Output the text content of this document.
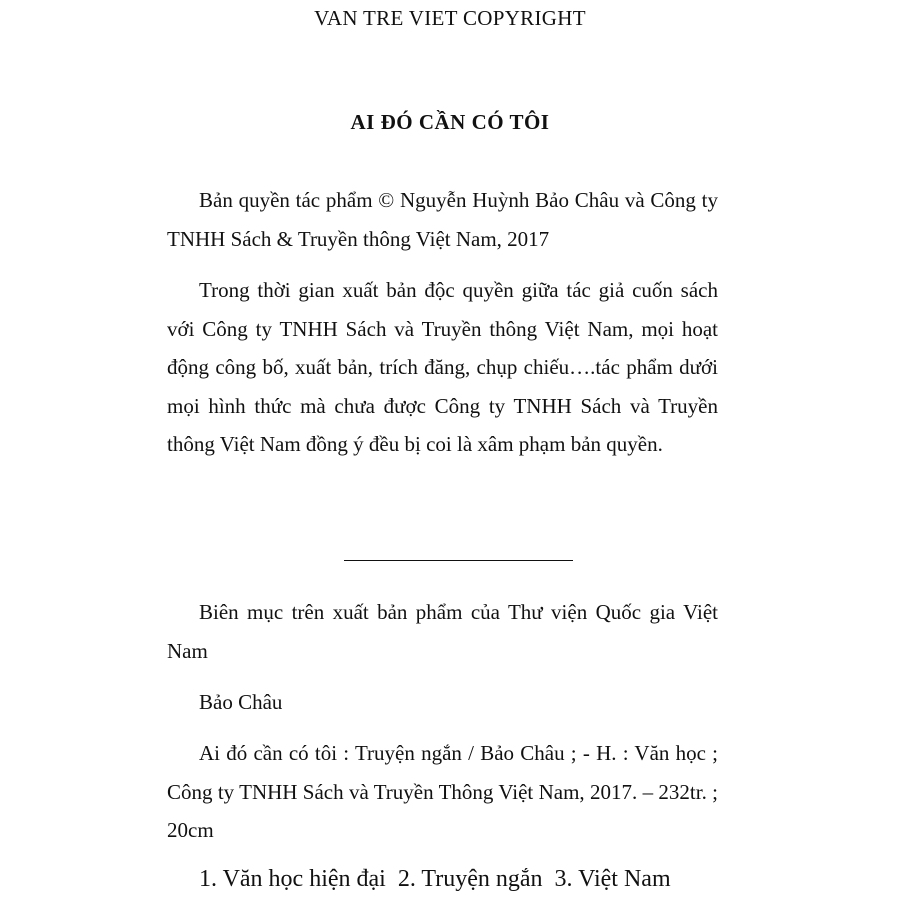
VAN TRE VIET COPYRIGHT
AI ĐÓ CẦN CÓ TÔI

Bản quyền tác phẩm © Nguyễn Huỳnh Bảo Châu và Công ty TNHH Sách & Truyền thông Việt Nam, 2017

Trong thời gian xuất bản độc quyền giữa tác giả cuốn sách với Công ty TNHH Sách và Truyền thông Việt Nam, mọi hoạt động công bố, xuất bản, trích đăng, chụp chiếu….tác phẩm dưới mọi hình thức mà chưa được Công ty TNHH Sách và Truyền thông Việt Nam đồng ý đều bị coi là xâm phạm bản quyền.

Biên mục trên xuất bản phẩm của Thư viện Quốc gia Việt Nam

Bảo Châu

Ai đó cần có tôi : Truyện ngắn / Bảo Châu ; - H. : Văn học ; Công ty TNHH Sách và Truyền Thông Việt Nam, 2017. – 232tr. ; 20cm

1. Văn học hiện đại 2. Truyện ngắn 3. Việt Nam
